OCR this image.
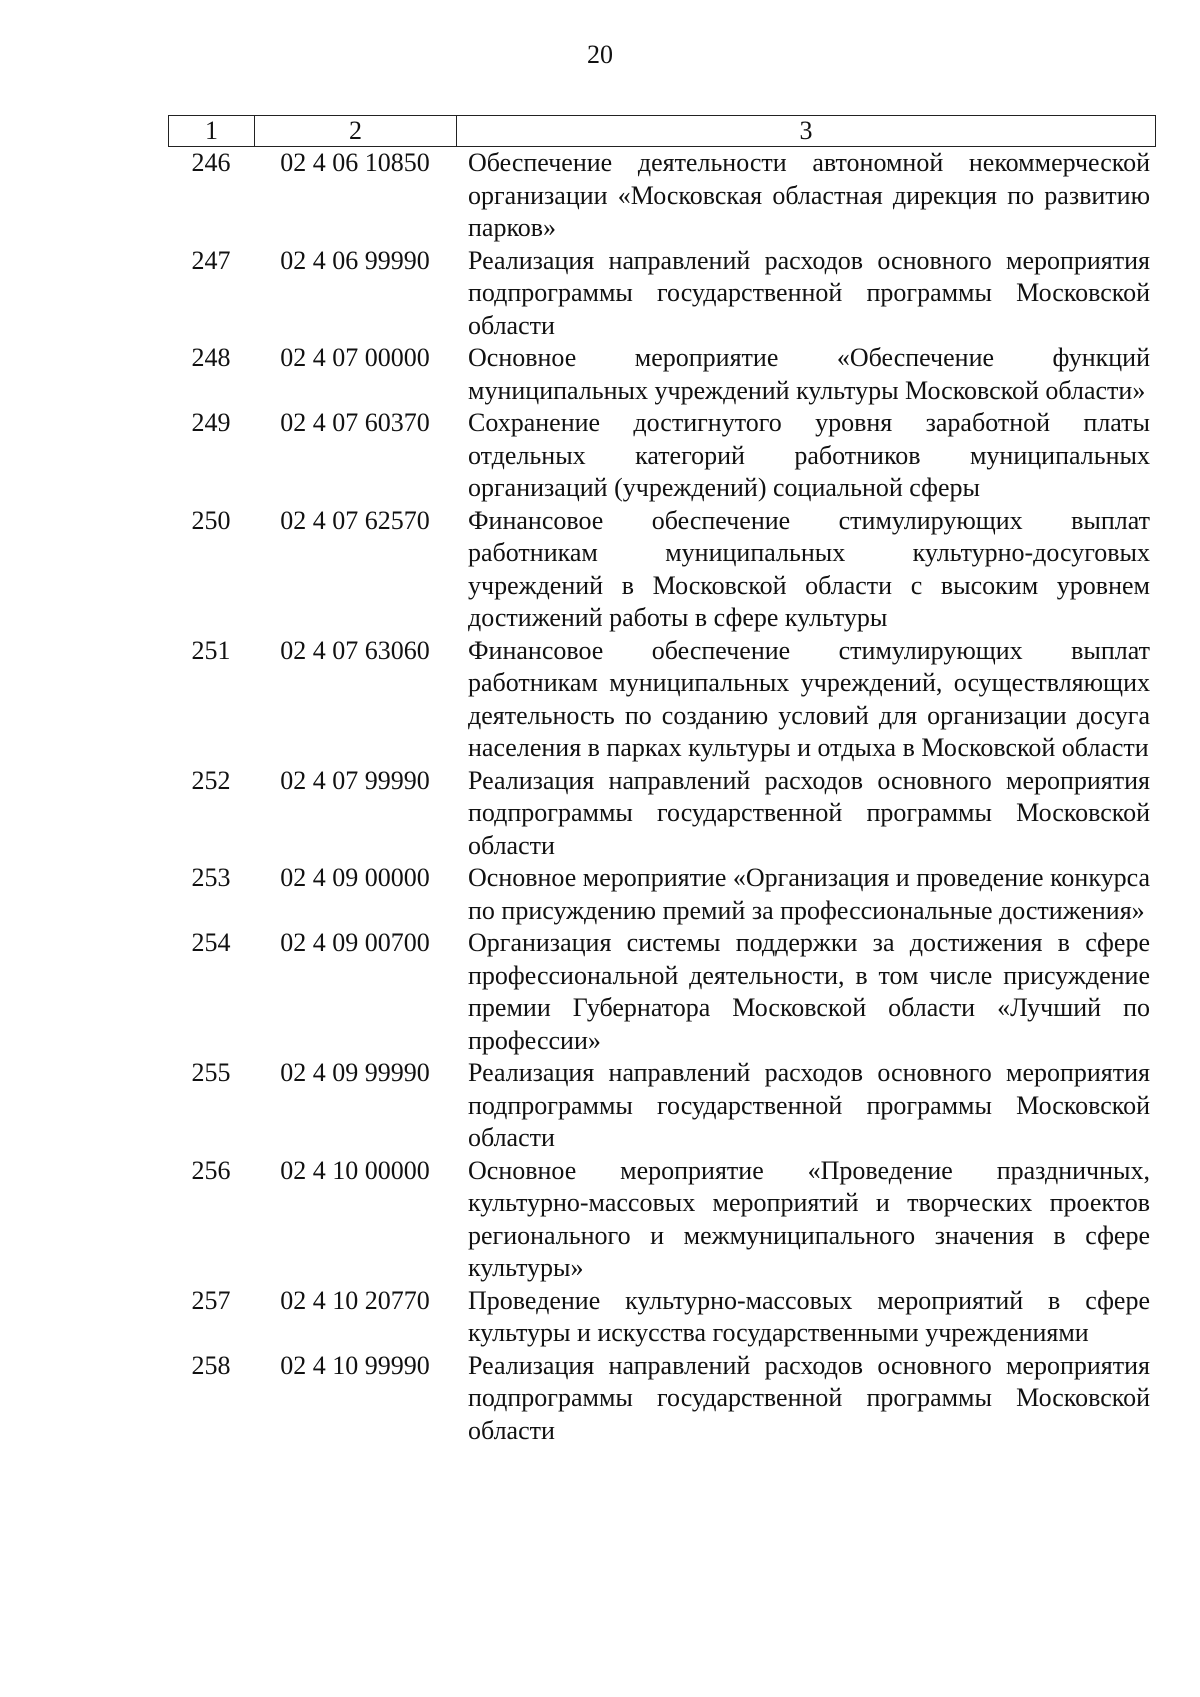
20
1	2	3
246	02 4 06 10850	Обеспечение деятельности автономной некоммерческой организации «Московская областная дирекция по развитию парков»
247	02 4 06 99990	Реализация направлений расходов основного мероприятия подпрограммы государственной программы Московской области
248	02 4 07 00000	Основное мероприятие «Обеспечение функций муниципальных учреждений культуры Московской области»
249	02 4 07 60370	Сохранение достигнутого уровня заработной платы отдельных категорий работников муниципальных организаций (учреждений) социальной сферы
250	02 4 07 62570	Финансовое обеспечение стимулирующих выплат работникам муниципальных культурно-досуговых учреждений в Московской области с высоким уровнем достижений работы в сфере культуры
251	02 4 07 63060	Финансовое обеспечение стимулирующих выплат работникам муниципальных учреждений, осуществляющих деятельность по созданию условий для организации досуга населения в парках культуры и отдыха в Московской области
252	02 4 07 99990	Реализация направлений расходов основного мероприятия подпрограммы государственной программы Московской области
253	02 4 09 00000	Основное мероприятие «Организация и проведение конкурса по присуждению премий за профессиональные достижения»
254	02 4 09 00700	Организация системы поддержки за достижения в сфере профессиональной деятельности, в том числе присуждение премии Губернатора Московской области «Лучший по профессии»
255	02 4 09 99990	Реализация направлений расходов основного мероприятия подпрограммы государственной программы Московской области
256	02 4 10 00000	Основное мероприятие «Проведение праздничных, культурно-массовых мероприятий и творческих проектов регионального и межмуниципального значения в сфере культуры»
257	02 4 10 20770	Проведение культурно-массовых мероприятий в сфере культуры и искусства государственными учреждениями
258	02 4 10 99990	Реализация направлений расходов основного мероприятия подпрограммы государственной программы Московской области
